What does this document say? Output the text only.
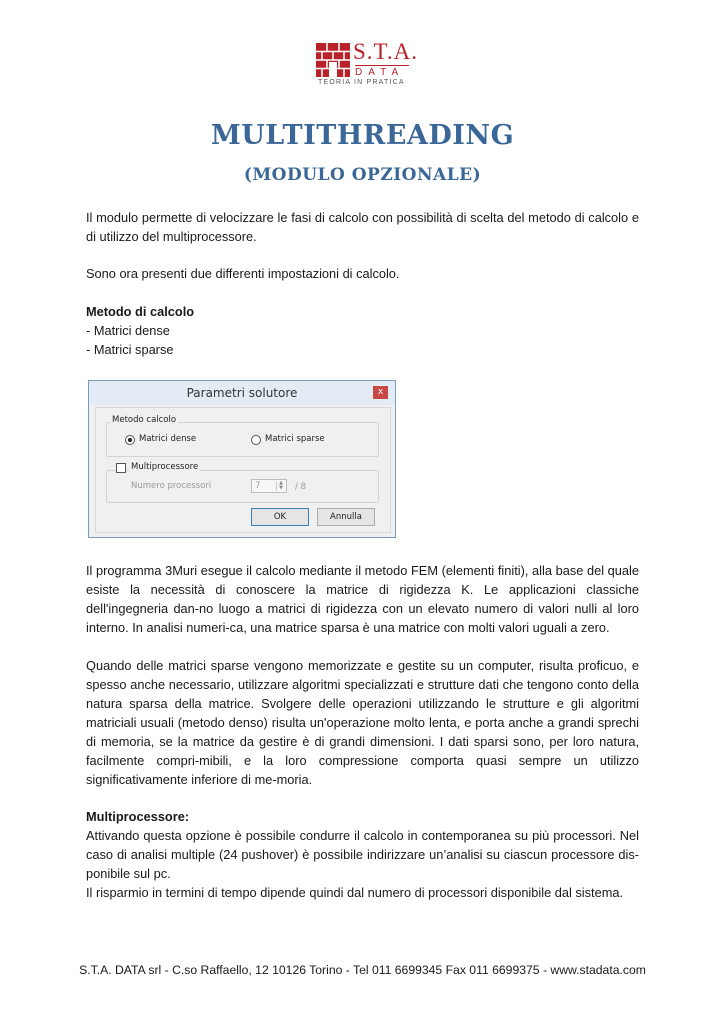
S.T.A.
DATA
TEORIA IN PRATICA
MULTITHREADING
(MODULO OPZIONALE)
Il modulo permette di velocizzare le fasi di calcolo con possibilità di scelta del metodo di calcolo e di utilizzo del multiprocessore.
Sono ora presenti due differenti impostazioni di calcolo.
Metodo di calcolo
- Matrici dense
- Matrici sparse
Parametri solutore	x
Metodo calcolo
Matrici dense	Matrici sparse
Multiprocessore
Numero processori	7	▲
▼ / 8
OK	Annulla
Il programma 3Muri esegue il calcolo mediante il metodo FEM (elementi finiti), alla base del quale esiste la necessità di conoscere la matrice di rigidezza K. Le applicazioni classiche dell'ingegneria dan-no luogo a matrici di rigidezza con un elevato numero di valori nulli al loro interno. In analisi numeri-ca, una matrice sparsa è una matrice con molti valori uguali a zero.
Quando delle matrici sparse vengono memorizzate e gestite su un computer, risulta proficuo, e spesso anche necessario, utilizzare algoritmi specializzati e strutture dati che tengono conto della natura sparsa della matrice. Svolgere delle operazioni utilizzando le strutture e gli algoritmi matriciali usuali (metodo denso) risulta un'operazione molto lenta, e porta anche a grandi sprechi di memoria, se la matrice da gestire è di grandi dimensioni. I dati sparsi sono, per loro natura, facilmente compri-mibili, e la loro compressione comporta quasi sempre un utilizzo significativamente inferiore di me-moria.
Multiprocessore:
Attivando questa opzione è possibile condurre il calcolo in contemporanea su più processori. Nel caso di analisi multiple (24 pushover) è possibile indirizzare un’analisi su ciascun processore dis-ponibile sul pc.
Il risparmio in termini di tempo dipende quindi dal numero di processori disponibile dal sistema.
S.T.A. DATA srl - C.so Raffaello, 12 10126 Torino - Tel 011 6699345 Fax 011 6699375 - www.stadata.com
